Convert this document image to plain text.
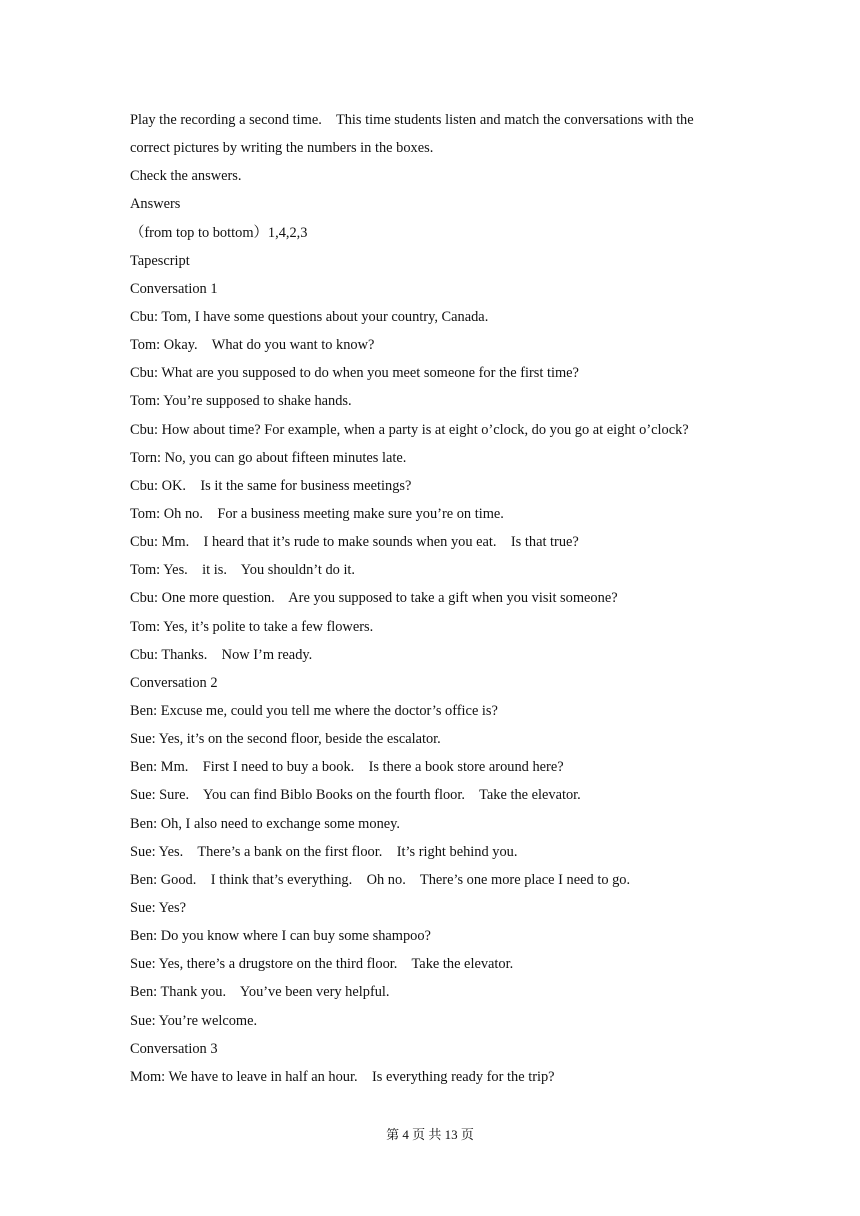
Play the recording a second time.    This time students listen and match the conversations with the
correct pictures by writing the numbers in the boxes.
Check the answers.
Answers
（from top to bottom）1,4,2,3
Tapescript
Conversation 1
Cbu: Tom, I have some questions about your country, Canada.
Tom: Okay.    What do you want to know?
Cbu: What are you supposed to do when you meet someone for the first time?
Tom: You’re supposed to shake hands.
Cbu: How about time? For example, when a party is at eight o’clock, do you go at eight o’clock?
Torn: No, you can go about fifteen minutes late.
Cbu: OK.    Is it the same for business meetings?
Tom: Oh no.    For a business meeting make sure you’re on time.
Cbu: Mm.    I heard that it’s rude to make sounds when you eat.    Is that true?
Tom: Yes.    it is.    You shouldn’t do it.
Cbu: One more question.    Are you supposed to take a gift when you visit someone?
Tom: Yes, it’s polite to take a few flowers.
Cbu: Thanks.    Now I’m ready.
Conversation 2
Ben: Excuse me, could you tell me where the doctor’s office is?
Sue: Yes, it’s on the second floor, beside the escalator.
Ben: Mm.    First I need to buy a book.    Is there a book store around here?
Sue: Sure.    You can find Biblo Books on the fourth floor.    Take the elevator.
Ben: Oh, I also need to exchange some money.
Sue: Yes.    There’s a bank on the first floor.    It’s right behind you.
Ben: Good.    I think that’s everything.    Oh no.    There’s one more place I need to go.
Sue: Yes?
Ben: Do you know where I can buy some shampoo?
Sue: Yes, there’s a drugstore on the third floor.    Take the elevator.
Ben: Thank you.    You’ve been very helpful.
Sue: You’re welcome.
Conversation 3
Mom: We have to leave in half an hour.    Is everything ready for the trip?
第 4 页 共 13 页
